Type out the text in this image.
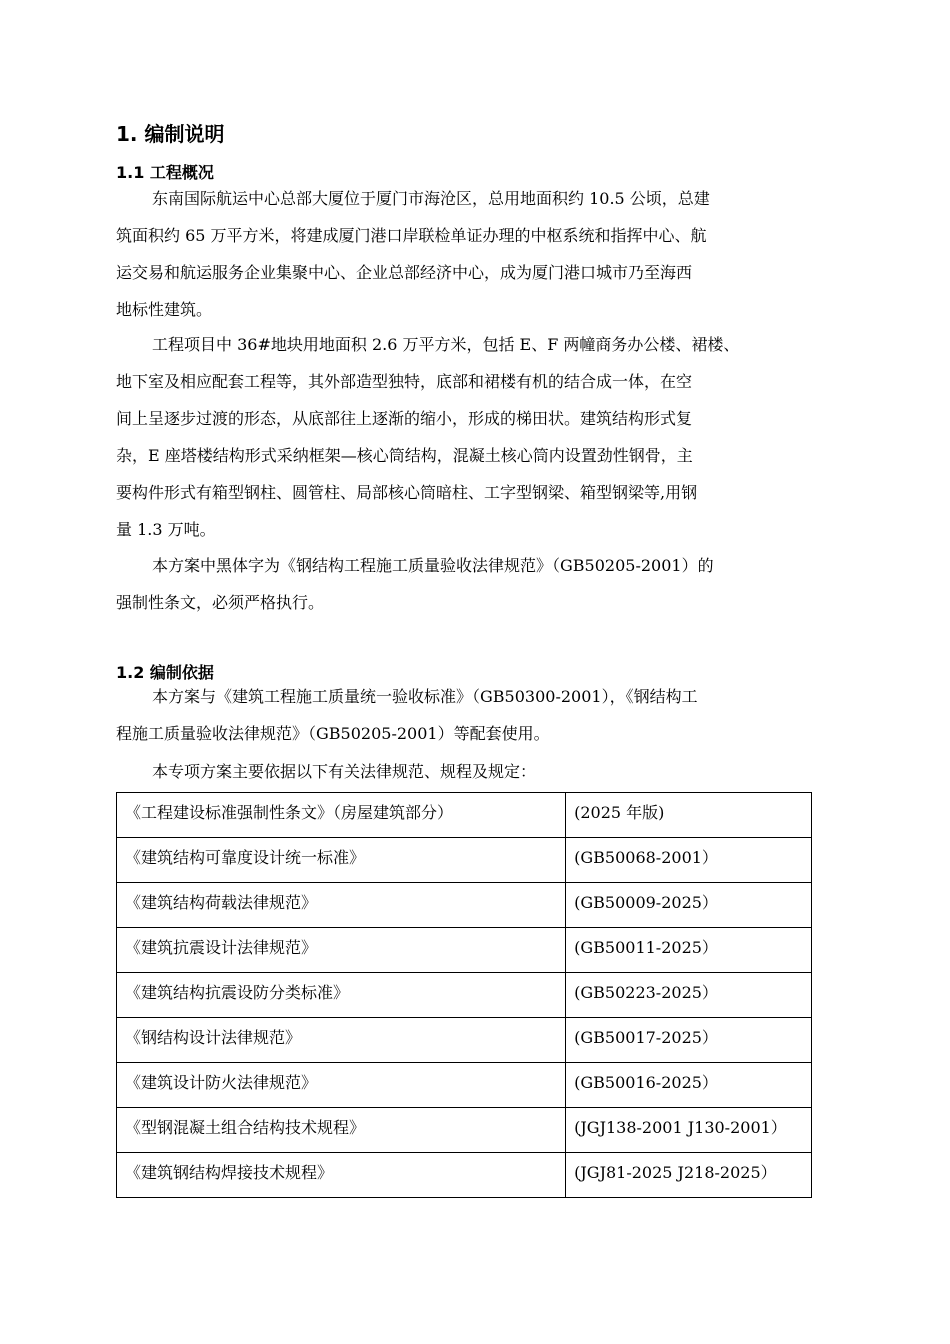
1. 编制说明
1.1 工程概况

东南国际航运中心总部大厦位于厦门市海沧区，总用地面积约 10.5 公顷，总建
筑面积约 65 万平方米，将建成厦门港口岸联检单证办理的中枢系统和指挥中心、航
运交易和航运服务企业集聚中心、企业总部经济中心，成为厦门港口城市乃至海西
地标性建筑。

工程项目中 36#地块用地面积 2.6 万平方米，包括 E、F 两幢商务办公楼、裙楼、
地下室及相应配套工程等，其外部造型独特，底部和裙楼有机的结合成一体，在空
间上呈逐步过渡的形态，从底部往上逐渐的缩小，形成的梯田状。建筑结构形式复
杂，E 座塔楼结构形式采纳框架—核心筒结构，混凝土核心筒内设置劲性钢骨，主
要构件形式有箱型钢柱、圆管柱、局部核心筒暗柱、工字型钢梁、箱型钢梁等,用钢
量 1.3 万吨。

本方案中黑体字为《钢结构工程施工质量验收法律规范》（GB50205-2001）的
强制性条文，必须严格执行。

1.2 编制依据

本方案与《建筑工程施工质量统一验收标准》（GB50300-2001），《钢结构工
程施工质量验收法律规范》（GB50205-2001）等配套使用。

本专项方案主要依据以下有关法律规范、规程及规定：

《工程建设标准强制性条文》（房屋建筑部分）	(2025 年版)
《建筑结构可靠度设计统一标准》	(GB50068-2001）
《建筑结构荷载法律规范》	(GB50009-2025）
《建筑抗震设计法律规范》	(GB50011-2025）
《建筑结构抗震设防分类标准》	(GB50223-2025）
《钢结构设计法律规范》	(GB50017-2025）
《建筑设计防火法律规范》	(GB50016-2025）
《型钢混凝土组合结构技术规程》	(JGJ138-2001 J130-2001）
《建筑钢结构焊接技术规程》	(JGJ81-2025 J218-2025）
